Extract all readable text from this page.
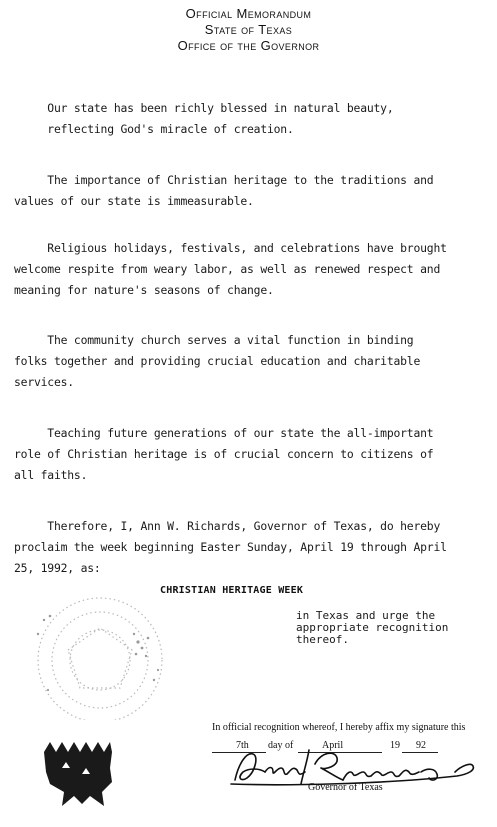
Official Memorandum
State of Texas
Office of the Governor
Our state has been richly blessed in natural beauty,
reflecting God's miracle of creation.
The importance of Christian heritage to the traditions and
values of our state is immeasurable.
Religious holidays, festivals, and celebrations have brought
welcome respite from weary labor, as well as renewed respect and
meaning for nature's seasons of change.
The community church serves a vital function in binding
folks together and providing crucial education and charitable
services.
Teaching future generations of our state the all-important
role of Christian heritage is of crucial concern to citizens of
all faiths.
Therefore, I, Ann W. Richards, Governor of Texas, do hereby
proclaim the week beginning Easter Sunday, April 19 through April
25, 1992, as:
CHRISTIAN HERITAGE WEEK
in Texas and urge the
appropriate recognition
thereof.
In official recognition whereof, I hereby affix my signature this
7th day of	April	19 92
Governor of Texas
